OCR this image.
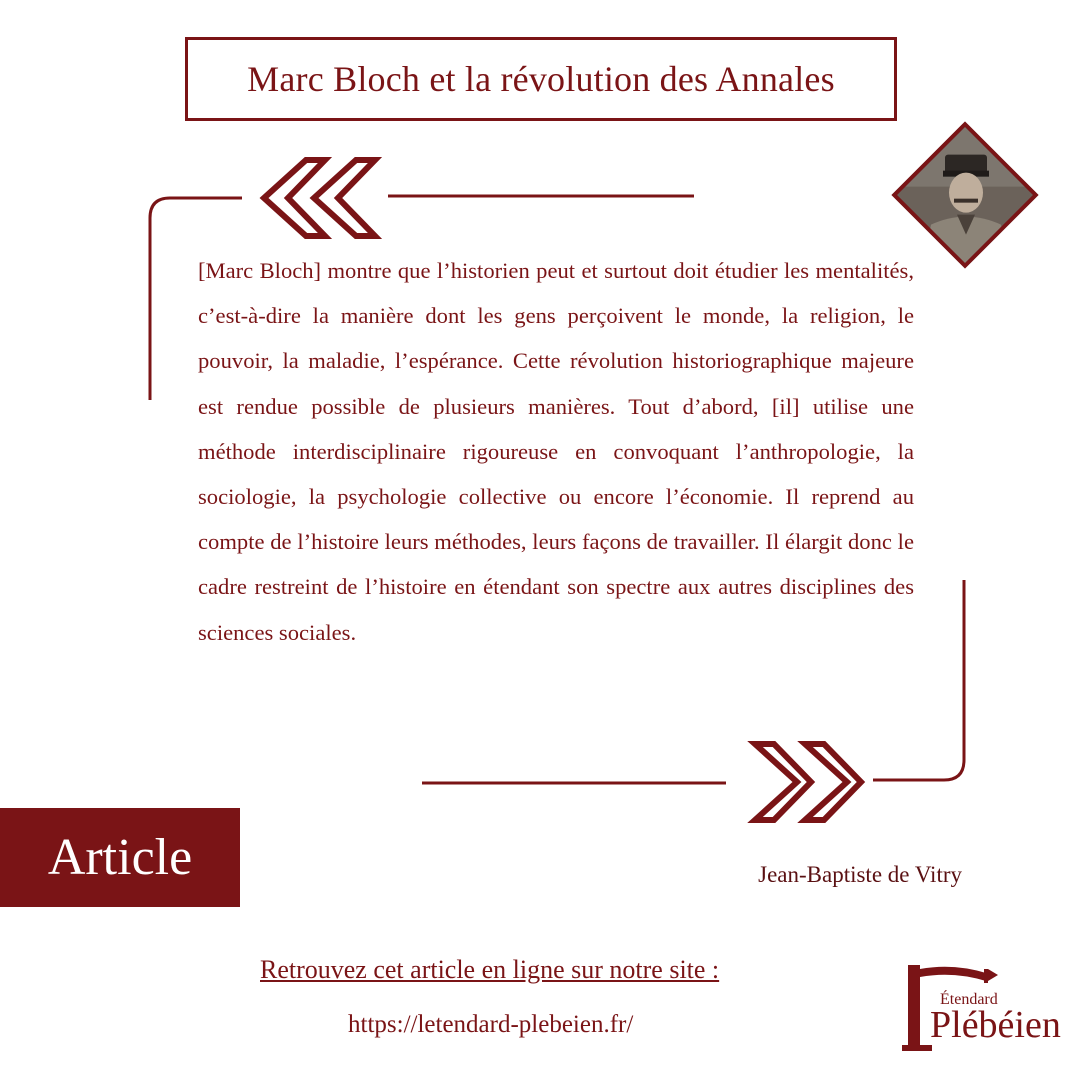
Marc Bloch et la révolution des Annales

[Marc Bloch] montre que l’historien peut et surtout doit étudier les mentalités, c’est-à-dire la manière dont les gens perçoivent le monde, la religion, le pouvoir, la maladie, l’espérance. Cette révolution historiographique majeure est rendue possible de plusieurs manières. Tout d’abord, [il] utilise une méthode interdisciplinaire rigoureuse en convoquant l’anthropologie, la sociologie, la psychologie collective ou encore l’économie. Il reprend au compte de l’histoire leurs méthodes, leurs façons de travailler. Il élargit donc le cadre restreint de l’histoire en étendant son spectre aux autres disciplines des sciences sociales.

Article	Jean-Baptiste de Vitry
Retrouvez cet article en ligne sur notre site :
https://letendard-plebeien.fr/
Étendard
Plébéien
